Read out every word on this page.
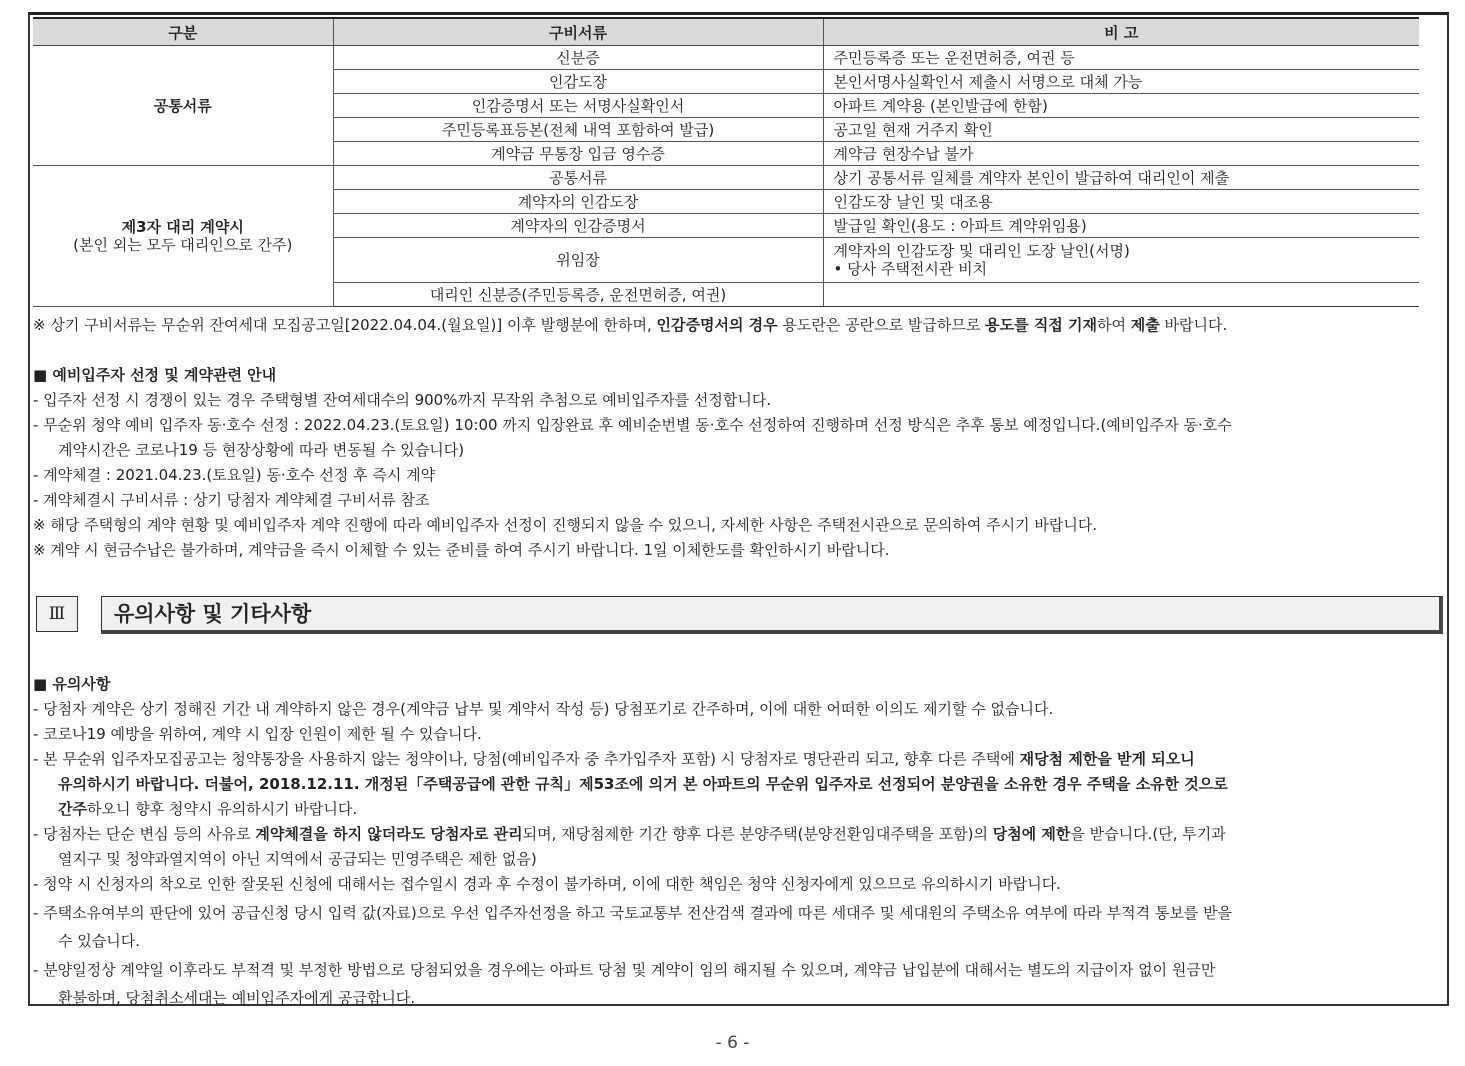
구분	구비서류	비 고
공통서류	신분증	주민등록증 또는 운전면허증, 여권 등
	인감도장	본인서명사실확인서 제출시 서명으로 대체 가능
	인감증명서 또는 서명사실확인서	아파트 계약용 (본인발급에 한함)
	주민등록표등본(전체 내역 포함하여 발급)	공고일 현재 거주지 확인
	계약금 무통장 입금 영수증	계약금 현장수납 불가
제3자 대리 계약시
(본인 외는 모두 대리인으로 간주)	공통서류	상기 공통서류 일체를 계약자 본인이 발급하여 대리인이 제출
	계약자의 인감도장	인감도장 날인 및 대조용
	계약자의 인감증명서	발급일 확인(용도 : 아파트 계약위임용)
	위임장	계약자의 인감도장 및 대리인 도장 날인(서명)
• 당사 주택전시관 비치

	대리인 신분증(주민등록증, 운전면허증, 여권)	
※ 상기 구비서류는 무순위 잔여세대 모집공고일[2022.04.04.(월요일)] 이후 발행분에 한하며, 인감증명서의 경우 용도란은 공란으로 발급하므로 용도를 직접 기재하여 제출 바랍니다.
■ 예비입주자 선정 및 계약관련 안내
- 입주자 선정 시 경쟁이 있는 경우 주택형별 잔여세대수의 900%까지 무작위 추첨으로 예비입주자를 선정합니다.
- 무순위 청약 예비 입주자 동·호수 선정 : 2022.04.23.(토요일) 10:00 까지 입장완료 후 예비순번별 동·호수 선정하여 진행하며 선정 방식은 추후 통보 예정입니다.(예비입주자 동·호수
계약시간은 코로나19 등 현장상황에 따라 변동될 수 있습니다)
- 계약체결 : 2021.04.23.(토요일) 동·호수 선정 후 즉시 계약
- 계약체결시 구비서류 : 상기 당첨자 계약체결 구비서류 참조
※ 해당 주택형의 계약 현황 및 예비입주자 계약 진행에 따라 예비입주자 선정이 진행되지 않을 수 있으니, 자세한 사항은 주택전시관으로 문의하여 주시기 바랍니다.
※ 계약 시 현금수납은 불가하며, 계약금을 즉시 이체할 수 있는 준비를 하여 주시기 바랍니다. 1일 이체한도를 확인하시기 바랍니다.
Ⅲ	유의사항 및 기타사항
■ 유의사항
- 당첨자 계약은 상기 정해진 기간 내 계약하지 않은 경우(계약금 납부 및 계약서 작성 등) 당첨포기로 간주하며, 이에 대한 어떠한 이의도 제기할 수 없습니다.
- 코로나19 예방을 위하여, 계약 시 입장 인원이 제한 될 수 있습니다.
- 본 무순위 입주자모집공고는 청약통장을 사용하지 않는 청약이나, 당첨(예비입주자 중 추가입주자 포함) 시 당첨자로 명단관리 되고, 향후 다른 주택에 재당첨 제한을 받게 되오니
유의하시기 바랍니다. 더불어, 2018.12.11. 개정된「주택공급에 관한 규칙」제53조에 의거 본 아파트의 무순위 입주자로 선정되어 분양권을 소유한 경우 주택을 소유한 것으로
간주하오니 향후 청약시 유의하시기 바랍니다.
- 당첨자는 단순 변심 등의 사유로 계약체결을 하지 않더라도 당첨자로 관리되며, 재당첨제한 기간 향후 다른 분양주택(분양전환임대주택을 포함)의 당첨에 제한을 받습니다.(단, 투기과
열지구 및 청약과열지역이 아닌 지역에서 공급되는 민영주택은 제한 없음)
- 청약 시 신청자의 착오로 인한 잘못된 신청에 대해서는 접수일시 경과 후 수정이 불가하며, 이에 대한 책임은 청약 신청자에게 있으므로 유의하시기 바랍니다.
- 주택소유여부의 판단에 있어 공급신청 당시 입력 값(자료)으로 우선 입주자선정을 하고 국토교통부 전산검색 결과에 따른 세대주 및 세대원의 주택소유 여부에 따라 부적격 통보를 받을
수 있습니다.
- 분양일정상 계약일 이후라도 부적격 및 부정한 방법으로 당첨되었을 경우에는 아파트 당첨 및 계약이 임의 해지될 수 있으며, 계약금 납입분에 대해서는 별도의 지급이자 없이 원금만
환불하며, 당첨취소세대는 예비입주자에게 공급합니다.
- 6 -
